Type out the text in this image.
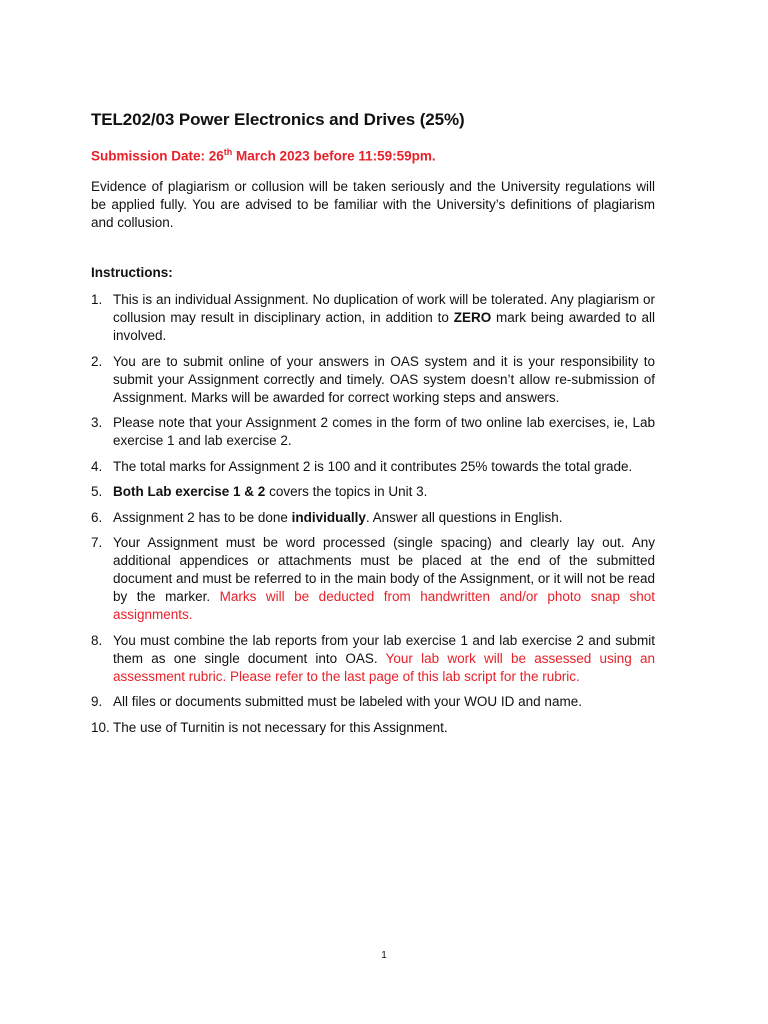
TEL202/03 Power Electronics and Drives (25%)
Submission Date: 26th March 2023 before 11:59:59pm.
Evidence of plagiarism or collusion will be taken seriously and the University regulations will be applied fully. You are advised to be familiar with the University’s definitions of plagiarism and collusion.
Instructions:
1. This is an individual Assignment. No duplication of work will be tolerated. Any plagiarism or collusion may result in disciplinary action, in addition to ZERO mark being awarded to all involved.
2. You are to submit online of your answers in OAS system and it is your responsibility to submit your Assignment correctly and timely. OAS system doesn’t allow re-submission of Assignment. Marks will be awarded for correct working steps and answers.
3. Please note that your Assignment 2 comes in the form of two online lab exercises, ie, Lab exercise 1 and lab exercise 2.
4. The total marks for Assignment 2 is 100 and it contributes 25% towards the total grade.
5. Both Lab exercise 1 & 2 covers the topics in Unit 3.
6. Assignment 2 has to be done individually. Answer all questions in English.
7. Your Assignment must be word processed (single spacing) and clearly lay out. Any additional appendices or attachments must be placed at the end of the submitted document and must be referred to in the main body of the Assignment, or it will not be read by the marker. Marks will be deducted from handwritten and/or photo snap shot assignments.
8. You must combine the lab reports from your lab exercise 1 and lab exercise 2 and submit them as one single document into OAS. Your lab work will be assessed using an assessment rubric. Please refer to the last page of this lab script for the rubric.
9. All files or documents submitted must be labeled with your WOU ID and name.
10. The use of Turnitin is not necessary for this Assignment.
1
